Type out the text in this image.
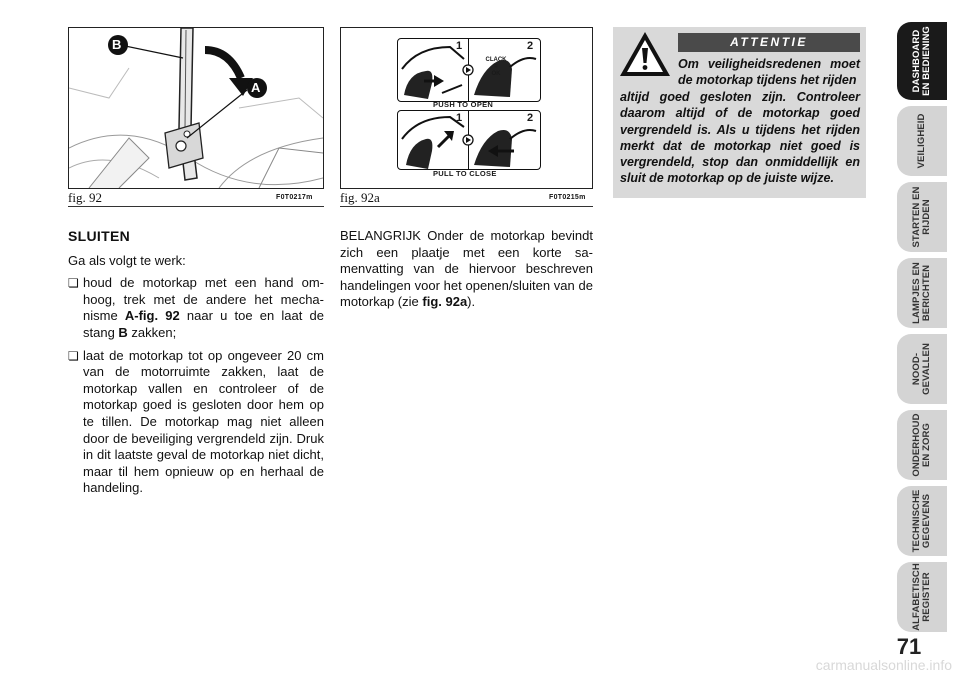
B
A
fig. 92	F0T0217m
1	2
CLACK
=
OK
PUSH TO OPEN
1	2
PULL TO CLOSE
fig. 92a	F0T0215m
SLUITEN
Ga als volgt te werk:
❏
houd de motorkap met een hand omhoog, trek met de andere het mechanisme A-fig. 92 naar u toe en laat de stang B zakken;
❏
laat de motorkap tot op ongeveer 20 cm van de motorruimte zakken, laat de motorkap vallen en controleer of de motorkap goed is gesloten door hem op te tillen. De motorkap mag niet alleen door de beveiliging vergrendeld zijn. Druk in dit laatste geval de motorkap niet dicht, maar til hem opnieuw op en herhaal de handeling.
BELANGRIJK Onder de motorkap bevindt zich een plaatje met een korte samenvatting van de hiervoor beschreven handelingen voor het openen/sluiten van de motorkap (zie fig. 92a).
ATTENTIE
Om veiligheidsredenen moet de motorkap tijdens het rijden
altijd goed gesloten zijn. Controleer daarom altijd of de motorkap goed vergrendeld is. Als u tijdens het rijden merkt dat de motorkap niet goed is vergrendeld, stop dan onmiddellijk en sluit de motorkap op de juiste wijze.
DASHBOARD EN BEDIENING
VEILIGHEID
STARTEN EN RIJDEN
LAMPJES EN BERICHTEN
NOOD- GEVALLEN
ONDERHOUD EN ZORG
TECHNISCHE GEGEVENS
ALFABETISCH REGISTER
71
carmanualsonline.info
